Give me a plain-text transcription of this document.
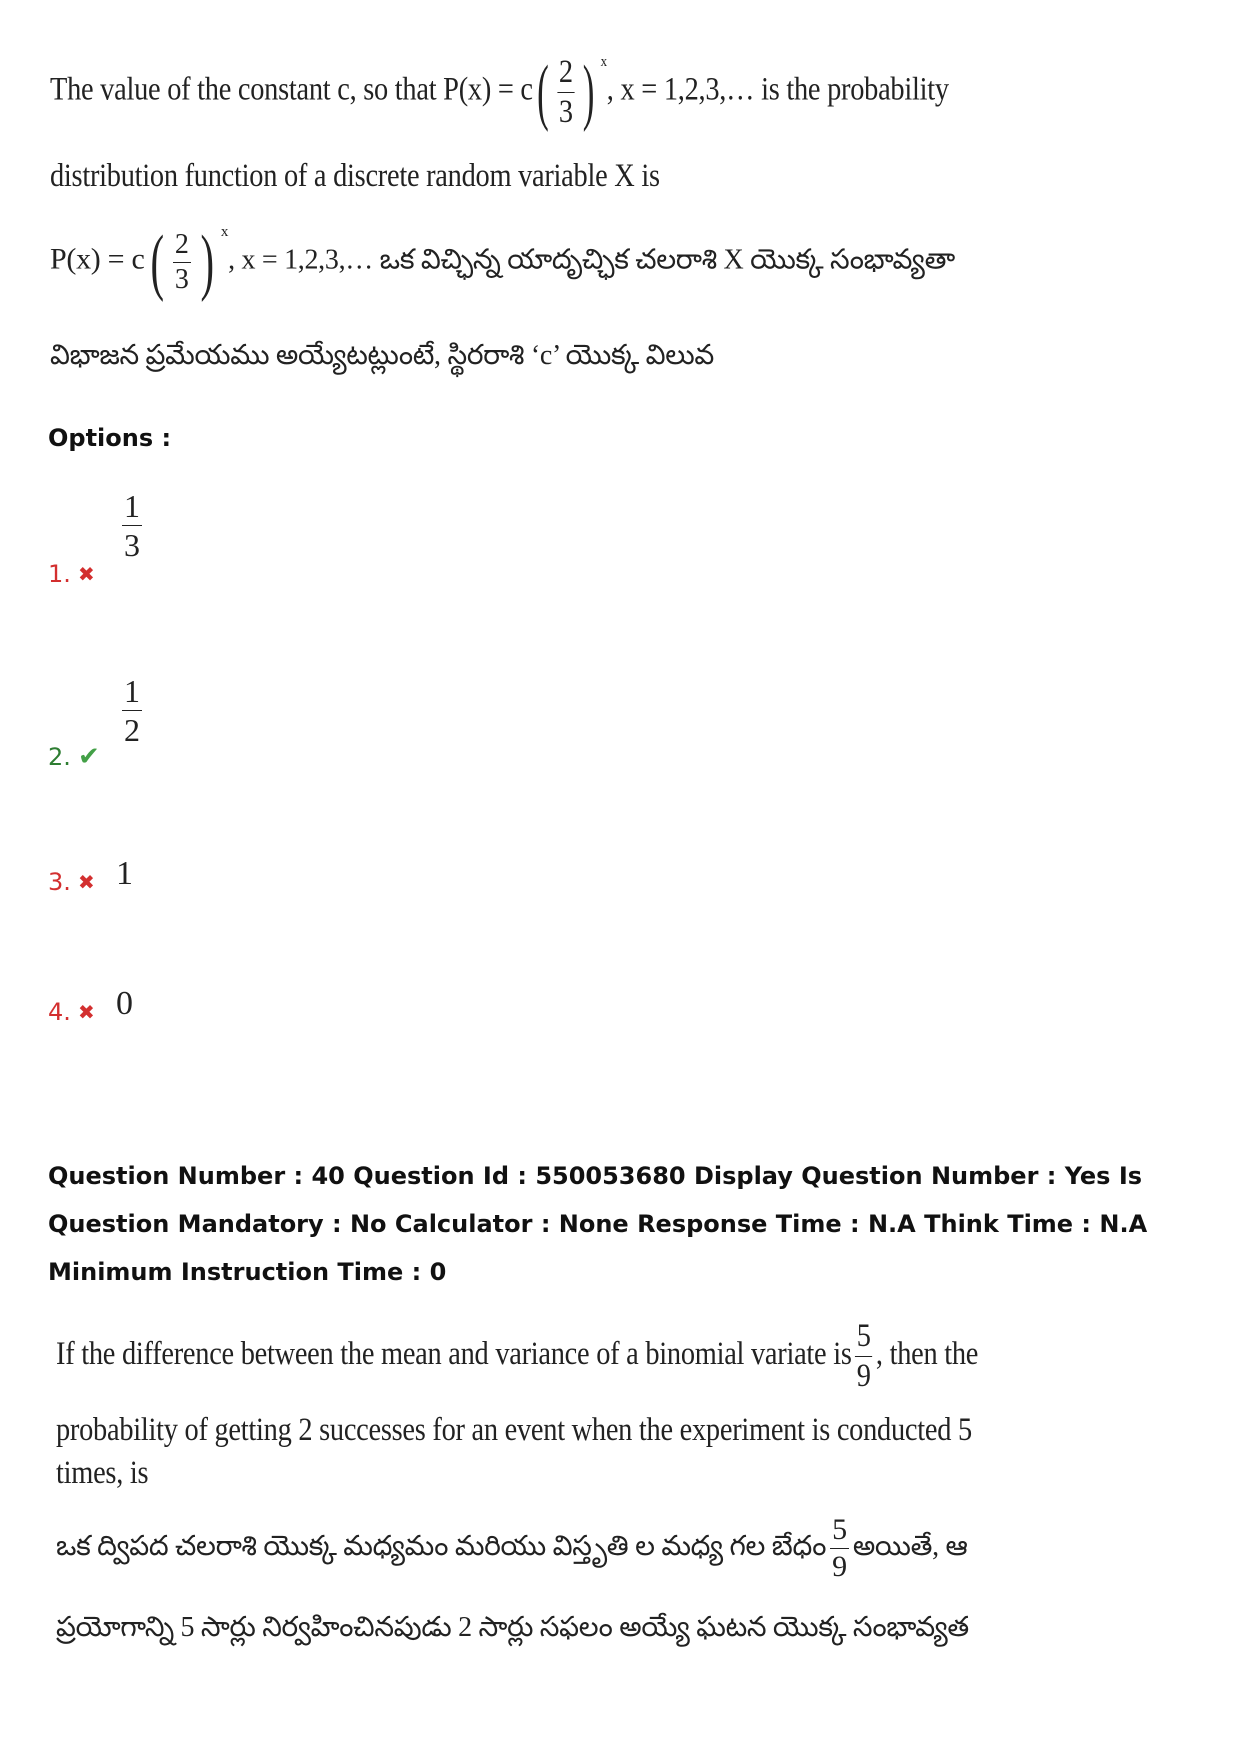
The value of the constant c, so that P(x) = c ( $\frac{2}{3}$ ) x
, x = 1,2,3,… is the probability
distribution function of a discrete random variable X is
P(x) = c ( $\frac{2}{3}$ ) x
, x = 1,2,3,… ఒక విచ్ఛిన్న యాదృచ్ఛిక చలరాశి X యొక్క సంభావ్యతా
విభాజన ప్రమేయము అయ్యేటట్లుంటే, స్థిరరాశి ‘c’ యొక్క విలువ
Options :
1. ✖
1
3
2. ✔
1
2
3. ✖ 1
4. ✖ 0
Question Number : 40 Question Id : 550053680 Display Question Number : Yes Is Question Mandatory : No Calculator : None Response Time : N.A Think Time : N.A Minimum Instruction Time : 0
If the difference between the mean and variance of a binomial variate is $\frac{5}{9}$ , then the
probability of getting 2 successes for an event when the experiment is conducted 5
times, is
ఒక ద్విపద చలరాశి యొక్క మధ్యమం మరియు విస్తృతి ల మధ్య గల బేధం $\frac{5}{9}$ అయితే, ఆ
ప్రయోగాన్ని 5 సార్లు నిర్వహించినపుడు 2 సార్లు సఫలం అయ్యే ఘటన యొక్క సంభావ్యత
